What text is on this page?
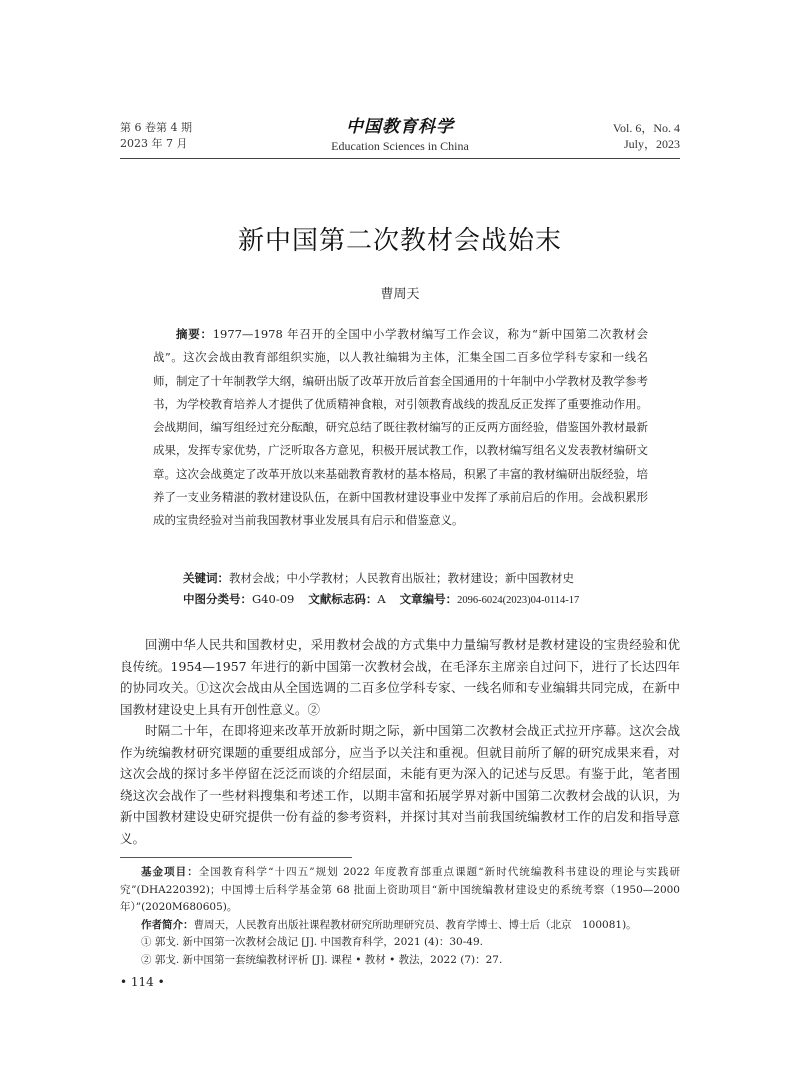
第 6 卷第 4 期
2023 年 7 月
中国教育科学
Education Sciences in China
Vol. 6，No. 4
July，2023
新中国第二次教材会战始末
曹周天
摘要：1977—1978 年召开的全国中小学教材编写工作会议，称为“新中国第二次教材会战”。这次会战由教育部组织实施，以人教社编辑为主体，汇集全国二百多位学科专家和一线名师，制定了十年制教学大纲，编研出版了改革开放后首套全国通用的十年制中小学教材及教学参考书，为学校教育培养人才提供了优质精神食粮，对引领教育战线的拨乱反正发挥了重要推动作用。会战期间，编写组经过充分酝酿，研究总结了既往教材编写的正反两方面经验，借鉴国外教材最新成果，发挥专家优势，广泛听取各方意见，积极开展试教工作，以教材编写组名义发表教材编研文章。这次会战奠定了改革开放以来基础教育教材的基本格局，积累了丰富的教材编研出版经验，培养了一支业务精湛的教材建设队伍，在新中国教材建设事业中发挥了承前启后的作用。会战积累形成的宝贵经验对当前我国教材事业发展具有启示和借鉴意义。
关键词：教材会战；中小学教材；人民教育出版社；教材建设；新中国教材史
中图分类号：G40-09 文献标志码：A 文章编号：2096-6024(2023)04-0114-17

回溯中华人民共和国教材史，采用教材会战的方式集中力量编写教材是教材建设的宝贵经验和优良传统。1954—1957 年进行的新中国第一次教材会战，在毛泽东主席亲自过问下，进行了长达四年的协同攻关。①这次会战由从全国选调的二百多位学科专家、一线名师和专业编辑共同完成，在新中国教材建设史上具有开创性意义。②

时隔二十年，在即将迎来改革开放新时期之际，新中国第二次教材会战正式拉开序幕。这次会战作为统编教材研究课题的重要组成部分，应当予以关注和重视。但就目前所了解的研究成果来看，对这次会战的探讨多半停留在泛泛而谈的介绍层面，未能有更为深入的记述与反思。有鉴于此，笔者围绕这次会战作了一些材料搜集和考述工作，以期丰富和拓展学界对新中国第二次教材会战的认识，为新中国教材建设史研究提供一份有益的参考资料，并探讨其对当前我国统编教材工作的启发和指导意义。

基金项目：全国教育科学“十四五”规划 2022 年度教育部重点课题“新时代统编教科书建设的理论与实践研究”(DHA220392)；中国博士后科学基金第 68 批面上资助项目“新中国统编教材建设史的系统考察（1950—2000 年）”(2020M680605)。

作者简介：曹周天，人民教育出版社课程教材研究所助理研究员、教育学博士、博士后（北京　100081)。

① 郭戈. 新中国第一次教材会战记 [J]. 中国教育科学，2021 (4)：30-49.

② 郭戈. 新中国第一套统编教材评析 [J]. 课程 • 教材 • 教法，2022 (7)：27.

• 114 •
